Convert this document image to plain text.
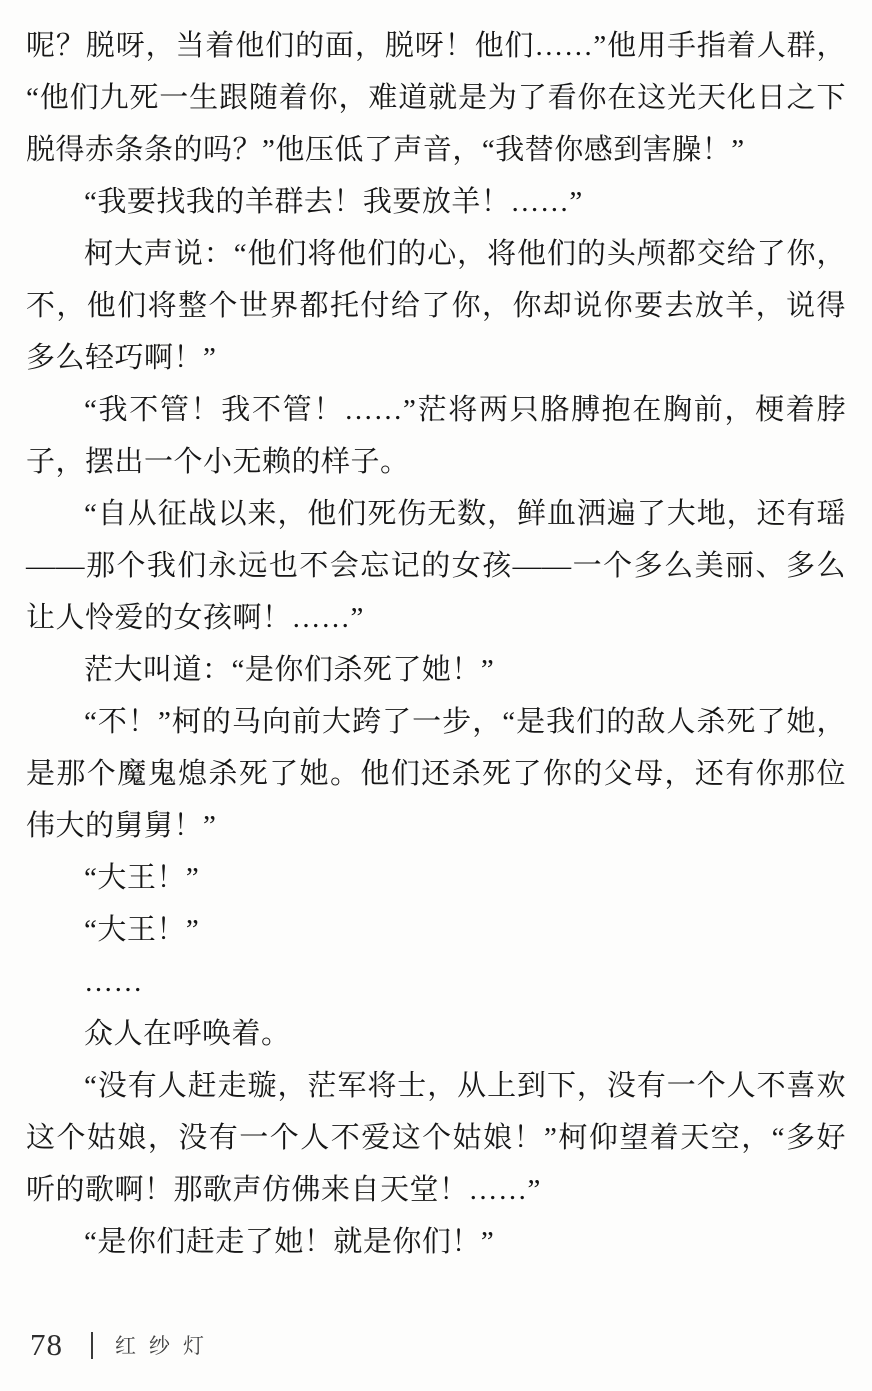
呢？脱呀，当着他们的面，脱呀！他们……”他用手指着人群，“他们九死一生跟随着你，难道就是为了看你在这光天化日之下脱得赤条条的吗？”他压低了声音，“我替你感到害臊！”

“我要找我的羊群去！我要放羊！……”

柯大声说：“他们将他们的心，将他们的头颅都交给了你，不，他们将整个世界都托付给了你，你却说你要去放羊，说得多么轻巧啊！”

“我不管！我不管！……”茫将两只胳膊抱在胸前，梗着脖子，摆出一个小无赖的样子。

“自从征战以来，他们死伤无数，鲜血洒遍了大地，还有瑶——那个我们永远也不会忘记的女孩——一个多么美丽、多么让人怜爱的女孩啊！……”

茫大叫道：“是你们杀死了她！”

“不！”柯的马向前大跨了一步，“是我们的敌人杀死了她，是那个魔鬼熄杀死了她。他们还杀死了你的父母，还有你那位伟大的舅舅！”

“大王！”

“大王！”

……

众人在呼唤着。

“没有人赶走璇，茫军将士，从上到下，没有一个人不喜欢这个姑娘，没有一个人不爱这个姑娘！”柯仰望着天空，“多好听的歌啊！那歌声仿佛来自天堂！……”

“是你们赶走了她！就是你们！”

78 红纱灯
